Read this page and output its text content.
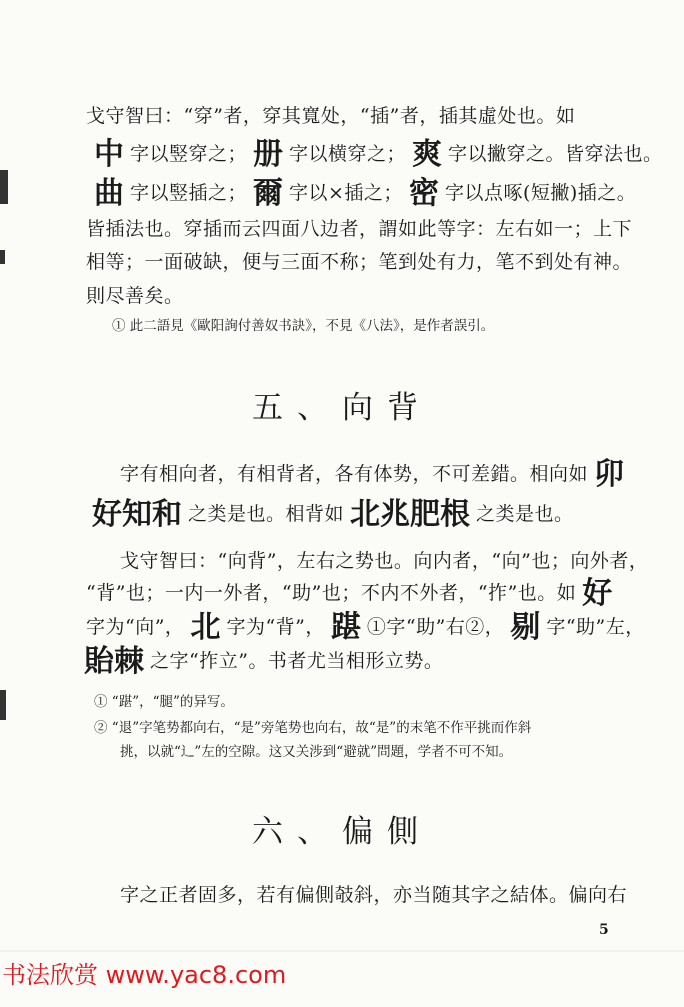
戈守智曰：“穿”者，穿其寬处，“插”者，插其虛处也。如
中字以竪穿之； 册 字以横穿之； 爽 字以撇穿之。皆穿法也。
曲字以竪插之； 爾 字以×插之； 密 字以点啄(短撇)插之。
皆插法也。穿插而云四面八边者，謂如此等字：左右如一；上下
相等；一面破缺，便与三面不称；笔到处有力，笔不到处有神。
則尽善矣。
① 此二語見《歐阳詢付善奴书訣》，不見《八法》，是作者誤引。
五、向背
字有相向者，有相背者，各有体势，不可差錯。相向如 卯
好知和 之类是也。相背如 北兆肥根 之类是也。
戈守智曰：“向背”，左右之势也。向内者，“向”也；向外者，
“背”也；一内一外者，“助”也；不内不外者，“拃”也。如 好
字为“向”， 北 字为“背”， 踸 ①字“助”右②， 剔 字“助”左，
貽棘 之字“拃立”。书者尤当相形立势。
① “踸”，“腿”的异写。
② “退”字笔势都向右，“是”旁笔势也向右，故“是”的末笔不作平挑而作斜
挑，以就“辶”左的空隙。这又关涉到“避就”問題，学者不可不知。
六、偏側
字之正者固多，若有偏側攲斜，亦当随其字之結体。偏向右
5
书法欣赏 www.yac8.com
